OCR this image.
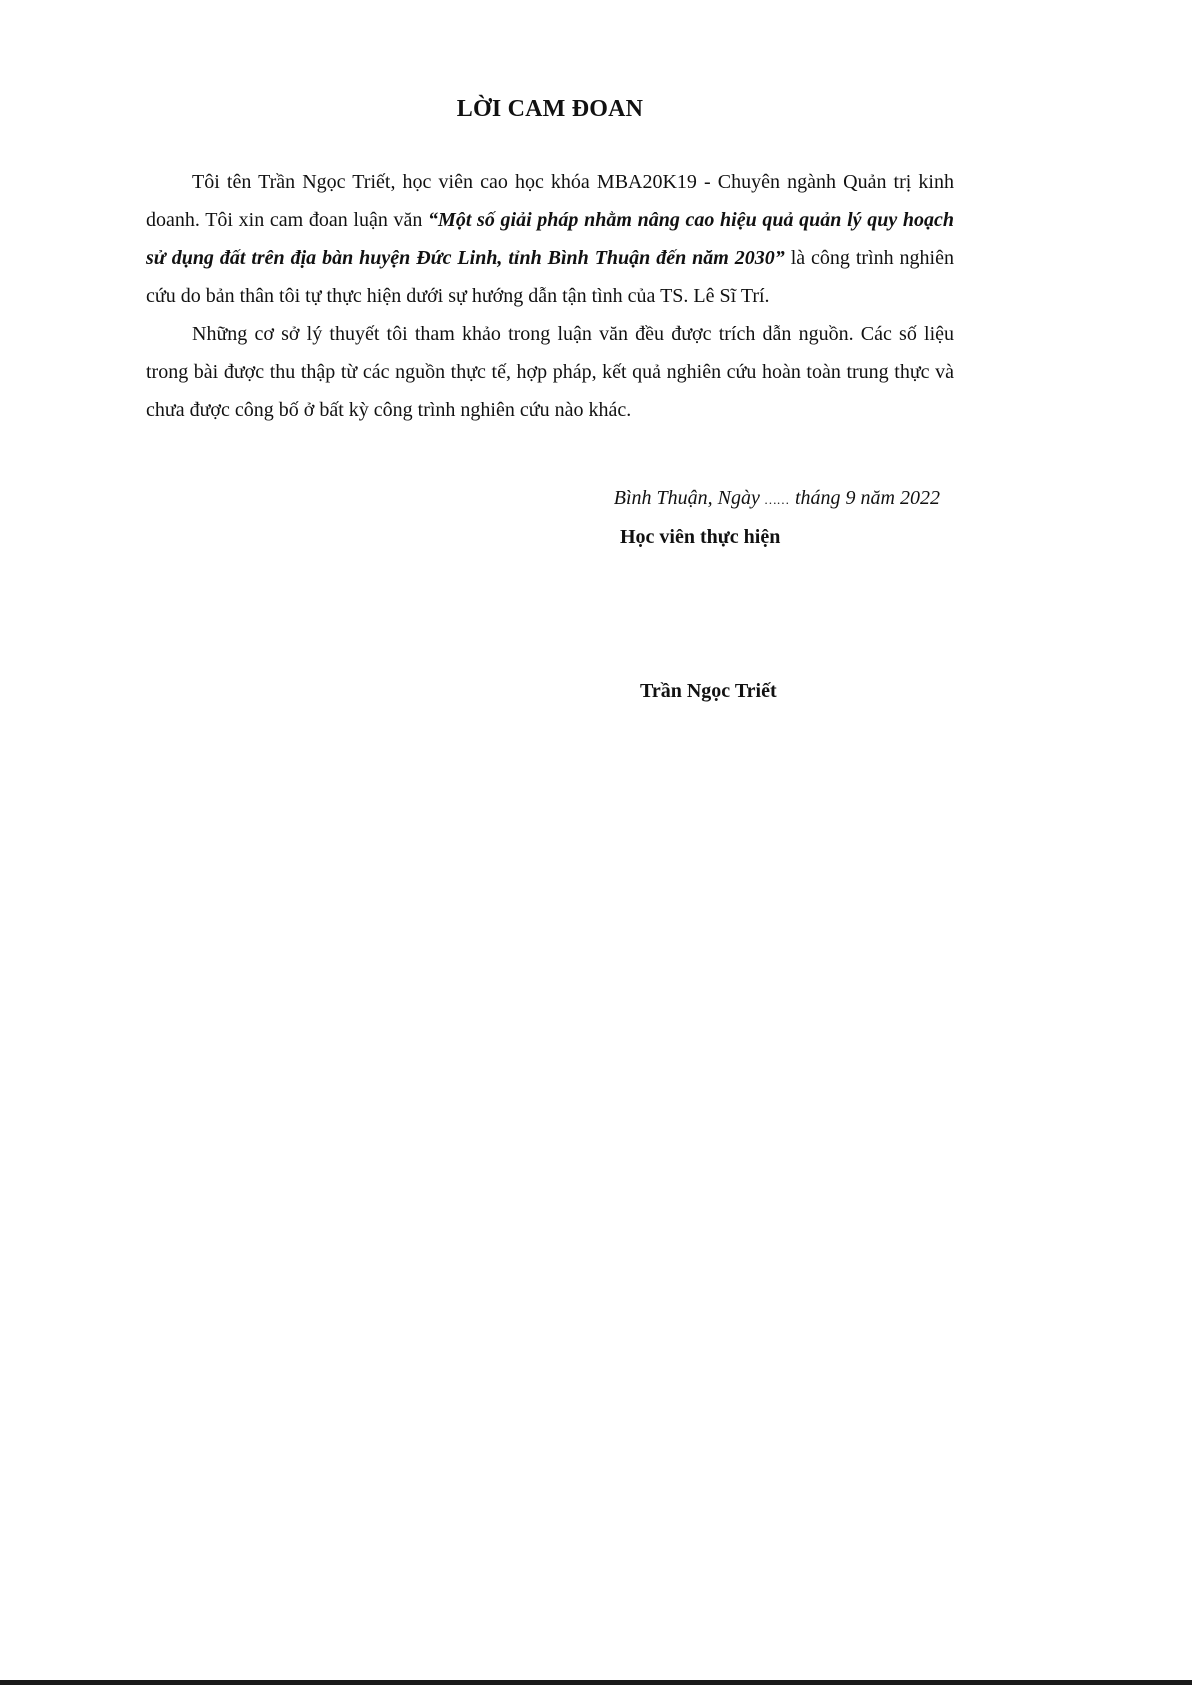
LỜI CAM ĐOAN

Tôi tên Trần Ngọc Triết, học viên cao học khóa MBA20K19 - Chuyên ngành Quản trị kinh doanh. Tôi xin cam đoan luận văn “Một số giải pháp nhằm nâng cao hiệu quả quản lý quy hoạch sử dụng đất trên địa bàn huyện Đức Linh, tỉnh Bình Thuận đến năm 2030” là công trình nghiên cứu do bản thân tôi tự thực hiện dưới sự hướng dẫn tận tình của TS. Lê Sĩ Trí.

Những cơ sở lý thuyết tôi tham khảo trong luận văn đều được trích dẫn nguồn. Các số liệu trong bài được thu thập từ các nguồn thực tế, hợp pháp, kết quả nghiên cứu hoàn toàn trung thực và chưa được công bố ở bất kỳ công trình nghiên cứu nào khác.

Bình Thuận, Ngày …… tháng 9 năm 2022
Học viên thực hiện
Trần Ngọc Triết
